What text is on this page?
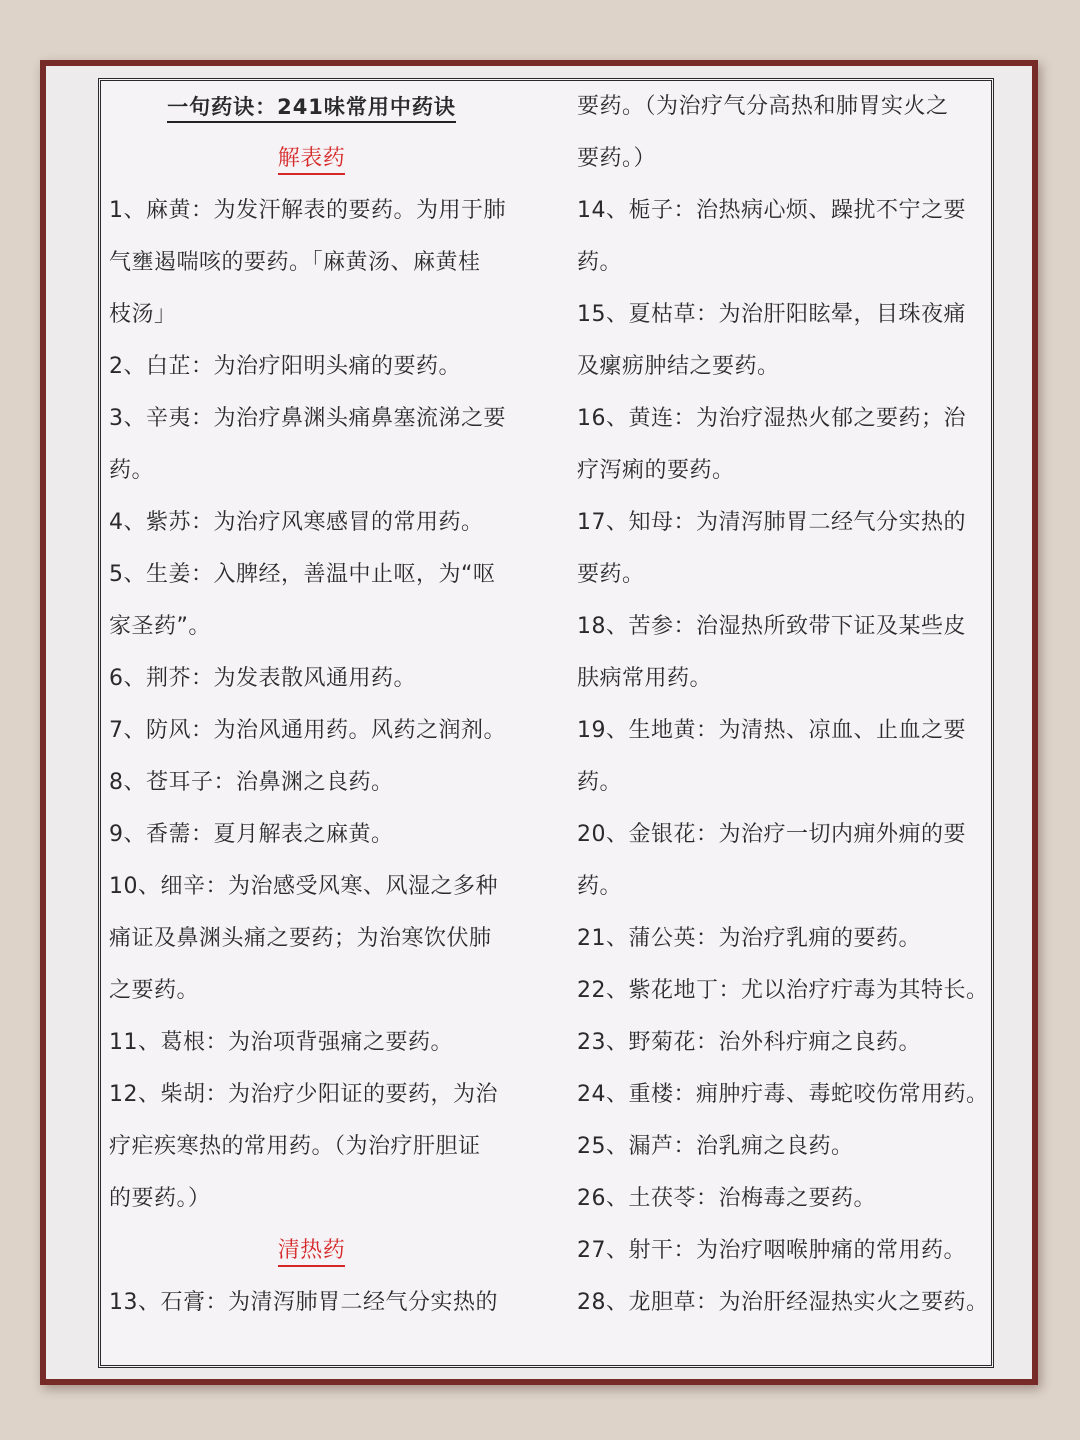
一句药诀：241味常用中药诀
解表药
1、麻黄：为发汗解表的要药。为用于肺
气壅遏喘咳的要药。「麻黄汤、麻黄桂
枝汤」
2、白芷：为治疗阳明头痛的要药。
3、辛夷：为治疗鼻渊头痛鼻塞流涕之要
药。
4、紫苏：为治疗风寒感冒的常用药。
5、生姜：入脾经，善温中止呕，为“呕
家圣药”。
6、荆芥：为发表散风通用药。
7、防风：为治风通用药。风药之润剂。
8、苍耳子：治鼻渊之良药。
9、香薷：夏月解表之麻黄。
10、细辛：为治感受风寒、风湿之多种
痛证及鼻渊头痛之要药；为治寒饮伏肺
之要药。
11、葛根：为治项背强痛之要药。
12、柴胡：为治疗少阳证的要药，为治
疗疟疾寒热的常用药。（为治疗肝胆证
的要药。）
清热药
13、石膏：为清泻肺胃二经气分实热的
要药。（为治疗气分高热和肺胃实火之
要药。）
14、栀子：治热病心烦、躁扰不宁之要
药。
15、夏枯草：为治肝阳眩晕，目珠夜痛
及瘰疬肿结之要药。
16、黄连：为治疗湿热火郁之要药；治
疗泻痢的要药。
17、知母：为清泻肺胃二经气分实热的
要药。
18、苦参：治湿热所致带下证及某些皮
肤病常用药。
19、生地黄：为清热、凉血、止血之要
药。
20、金银花：为治疗一切内痈外痈的要
药。
21、蒲公英：为治疗乳痈的要药。
22、紫花地丁：尤以治疗疔毒为其特长。
23、野菊花：治外科疔痈之良药。
24、重楼：痈肿疔毒、毒蛇咬伤常用药。
25、漏芦：治乳痈之良药。
26、土茯苓：治梅毒之要药。
27、射干：为治疗咽喉肿痛的常用药。
28、龙胆草：为治肝经湿热实火之要药。
